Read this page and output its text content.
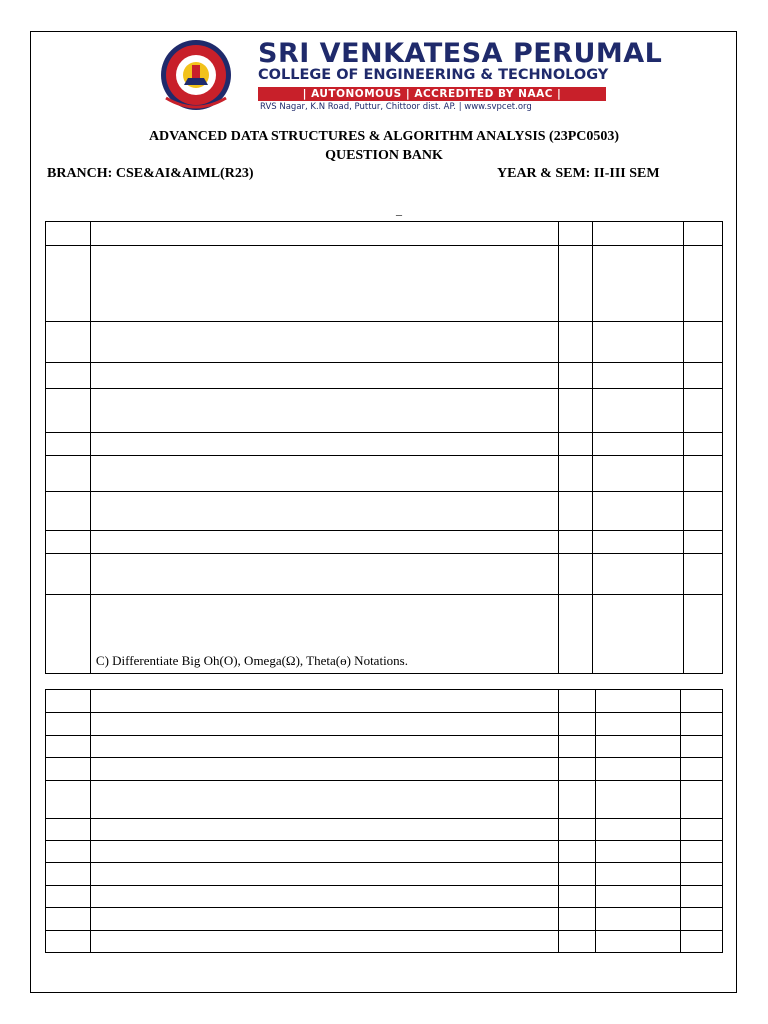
SRI VENKATESA PERUMAL
COLLEGE OF ENGINEERING & TECHNOLOGY
| AUTONOMOUS | ACCREDITED BY NAAC |
RVS Nagar, K.N Road, Puttur, Chittoor dist. AP. | www.svpcet.org
ADVANCED DATA STRUCTURES & ALGORITHM ANALYSIS (23PC0503)
QUESTION BANK
BRANCH: CSE&AI&AIML(R23)	YEAR & SEM: II-III SEM
_

	C) Differentiate Big Oh(O), Omega(Ω), Theta(ɵ) Notations.			
